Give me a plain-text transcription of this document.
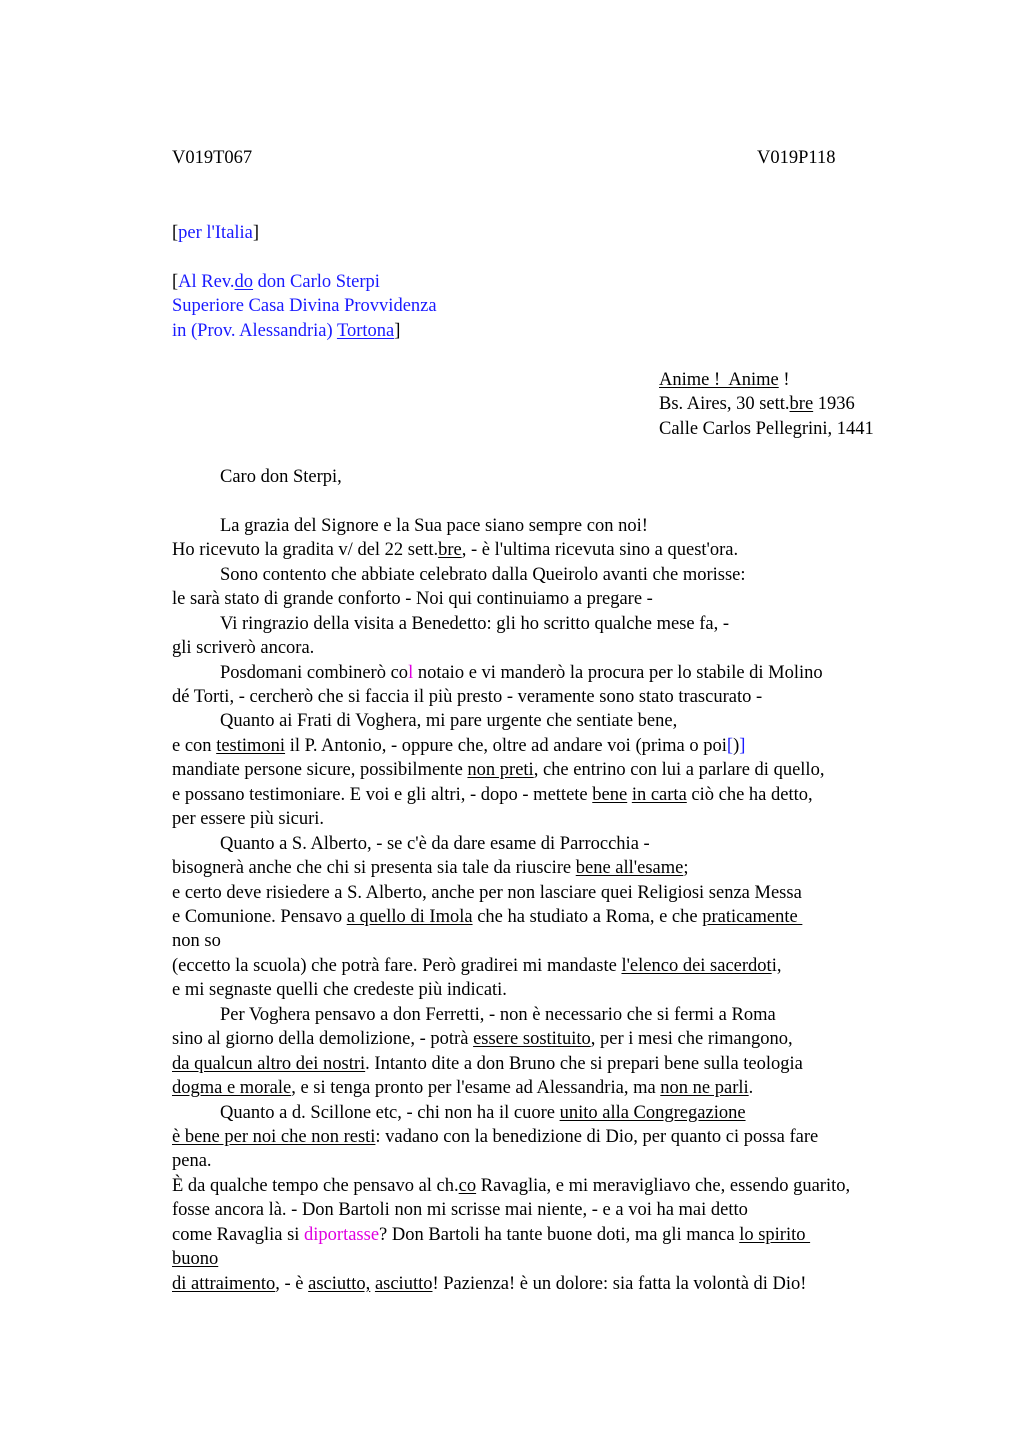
V019T067	V019P118
[per l'Italia]
[Al Rev.do don Carlo Sterpi
Superiore Casa Divina Provvidenza
in (Prov. Alessandria) Tortona]
Anime !  Anime !
Bs. Aires, 30 sett.bre 1936
Calle Carlos Pellegrini, 1441
Caro don Sterpi,
La grazia del Signore e la Sua pace siano sempre con noi!
Ho ricevuto la gradita v/ del 22 sett.bre, - è l'ultima ricevuta sino a quest'ora.
Sono contento che abbiate celebrato dalla Queirolo avanti che morisse:
le sarà stato di grande conforto - Noi qui continuiamo a pregare -
Vi ringrazio della visita a Benedetto: gli ho scritto qualche mese fa, -
gli scriverò ancora.
Posdomani combinerò col notaio e vi manderò la procura per lo stabile di Molino
dé Torti, - cercherò che si faccia il più presto - veramente sono stato trascurato -
Quanto ai Frati di Voghera, mi pare urgente che sentiate bene,
e con testimoni il P. Antonio, - oppure che, oltre ad andare voi (prima o poi[)]
mandiate persone sicure, possibilmente non preti, che entrino con lui a parlare di quello,
e possano testimoniare. E voi e gli altri, - dopo - mettete bene in carta ciò che ha detto,
per essere più sicuri.
Quanto a S. Alberto, - se c'è da dare esame di Parrocchia -
bisognerà anche che chi si presenta sia tale da riuscire bene all'esame;
e certo deve risiedere a S. Alberto, anche per non lasciare quei Religiosi senza Messa
e Comunione. Pensavo a quello di Imola che ha studiato a Roma, e che praticamente
non so
(eccetto la scuola) che potrà fare. Però gradirei mi mandaste l'elenco dei sacerdoti,
e mi segnaste quelli che credeste più indicati.
Per Voghera pensavo a don Ferretti, - non è necessario che si fermi a Roma
sino al giorno della demolizione, - potrà essere sostituito, per i mesi che rimangono,
da qualcun altro dei nostri. Intanto dite a don Bruno che si prepari bene sulla teologia
dogma e morale, e si tenga pronto per l'esame ad Alessandria, ma non ne parli.
Quanto a d. Scillone etc, - chi non ha il cuore unito alla Congregazione
è bene per noi che non resti: vadano con la benedizione di Dio, per quanto ci possa fare
pena.
È da qualche tempo che pensavo al ch.co Ravaglia, e mi meravigliavo che, essendo guarito,
fosse ancora là. - Don Bartoli non mi scrisse mai niente, - e a voi ha mai detto
come Ravaglia si diportasse? Don Bartoli ha tante buone doti, ma gli manca lo spirito
buono
di attraimento, - è asciutto, asciutto! Pazienza! è un dolore: sia fatta la volontà di Dio!
